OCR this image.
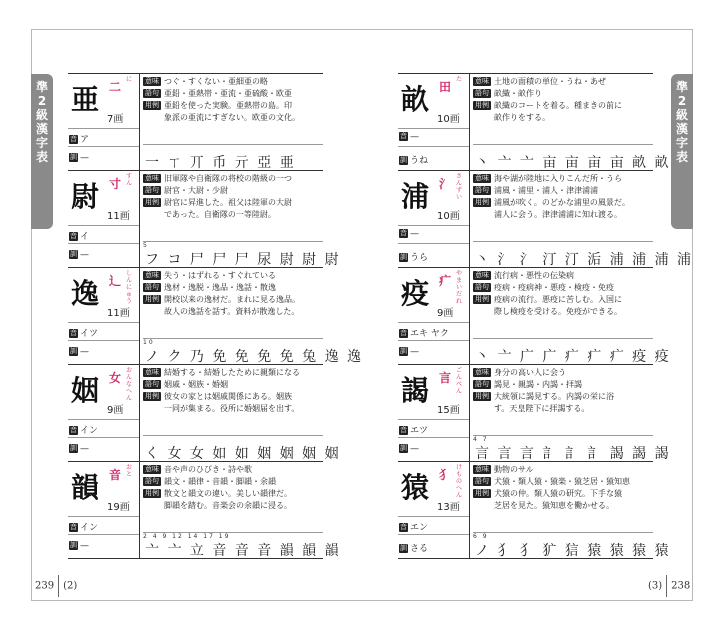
準2級漢字表
準2級漢字表
亜 二
に
7画
音 ア
訓 —
意味 つぐ・すくない・亜細亜の略
語句 亜鉛・亜熱帯・亜流・亜硫酸・欧亜
用例 亜鉛を使った実験。亜熱帯の島。印
象派の亜流にすぎない。欧亜の文化。
一 ㄒ 丌 币 亓 亞 亜
尉 寸
すん
11画
音 イ
訓 —
意味 旧軍隊や自衛隊の将校の階級の一つ
語句 尉官・大尉・少尉
用例 尉官に昇進した。祖父は陸軍の大尉
であった。自衛隊の一等陸尉。
5
フ コ 尸 尸 尸 尿 尉 尉 尉
逸 辶
しんにゅう
11画
音 イツ
訓 —
意味 失う・はずれる・すぐれている
語句 逸材・逸脱・逸品・逸話・散逸
用例 開校以来の逸材だ。まれに見る逸品。
故人の逸話を話す。資料が散逸した。
10
ノ ク 乃 免 免 免 免 兔 逸 逸
姻 女
おんなへん
9画
音 イン
訓 —
意味 結婚する・結婚したために親類になる
語句 姻戚・姻族・婚姻
用例 彼女の家とは姻戚関係にある。姻族
一同が集まる。役所に婚姻届を出す。
く 女 女 如 如 姻 姻 姻 姻
韻 音
おと
19画
音 イン
訓 —
意味 音や声のひびき・詩や歌
語句 韻文・韻律・音韻・脚韻・余韻
用例 散文と韻文の違い。美しい韻律だ。
脚韻を踏む。音楽会の余韻に浸る。
2 4 9 12 14 17 19
亠 亠 立 音 音 音 韻 韻 韻
畝 田
た
10画
音 —
訓 うね
意味 土地の面積の単位・うね・あぜ
語句 畝織・畝作り
用例 畝織のコートを着る。種まきの前に
畝作りをする。
丶 亠 亠 亩 亩 亩 亩 畝 畝
浦 氵
さんずい
10画
音 —
訓 うら
意味 海や湖が陸地に入りこんだ所・うら
語句 浦風・浦里・浦人・津津浦浦
用例 浦風が吹く。のどかな浦里の風景だ。
浦人に会う。津津浦浦に知れ渡る。
丶 氵 氵 汀 汀 洉 浦 浦 浦 浦
疫 疒
やまいだれ
9画
音 エキ ヤク
訓 —
意味 流行病・悪性の伝染病
語句 疫病・疫病神・悪疫・検疫・免疫
用例 疫病の流行。悪疫に苦しむ。入国に
際し検疫を受ける。免疫ができる。
丶 亠 广 广 疒 疒 疒 疫 疫
謁 言
ごんべん
15画
音 エツ
訓 —
意味 身分の高い人に会う
語句 謁見・親謁・内謁・拝謁
用例 大統領に謁見する。内謁の栄に浴
す。天皇陛下に拝謁する。
4 7
言 言 言 訁 訁 訁 謁 謁 謁
猿 犭
けものへん
13画
音 エン
訓 さる
意味 動物のサル
語句 犬猿・類人猿・猿楽・猿芝居・猿知恵
用例 犬猿の仲。類人猿の研究。下手な猿
芝居を見た。猿知恵を働かせる。
6 9
ノ 犭 犭 犷 狺 猿 猿 猿 猿
239 (2)	(3) 238
